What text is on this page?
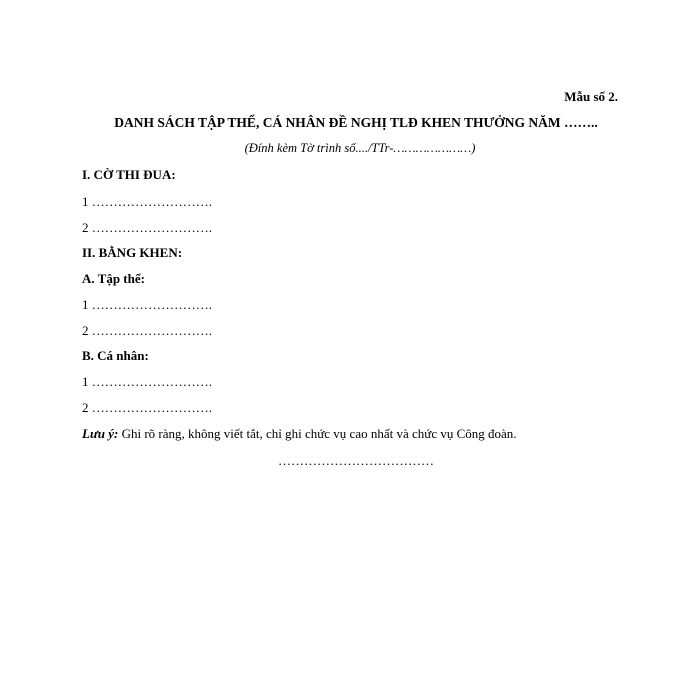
Mẫu số 2.
DANH SÁCH TẬP THỂ, CÁ NHÂN ĐỀ NGHỊ TLĐ KHEN THƯỞNG NĂM ……..
(Đính kèm Tờ trình số..../TTr-…………………)
I. CỜ THI ĐUA:
1 ……………………….
2 ……………………….
II. BẰNG KHEN:
A. Tập thể:
1 ……………………….
2 ……………………….
B. Cá nhân:
1 ……………………….
2 ……………………….
Lưu ý: Ghi rõ ràng, không viết tắt, chỉ ghi chức vụ cao nhất và chức vụ Công đoàn.
………………………………
